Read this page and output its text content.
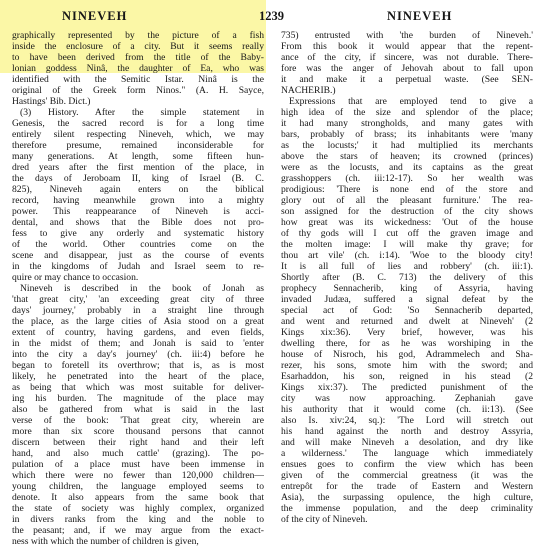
NINEVEH	1239	NINEVEH
graphically represented by the picture of a fish
inside the enclosure of a city. But it seems really
to have been derived from the title of the Baby-
lonian goddess Ninâ, the daughter of Ea, who was
identified with the Semitic Istar. Ninâ is the
original of the Greek form Ninos." (A. H. Sayce,
Hastings' Bib. Dict.)
(3) History. After the simple statement in
Genesis, the sacred record is for a long time
entirely silent respecting Nineveh, which, we may
therefore presume, remained inconsiderable for
many generations. At length, some fifteen hun-
dred years after the first mention of the place, in
the days of Jeroboam II, king of Israel (B. C.
825), Nineveh again enters on the biblical
record, having meanwhile grown into a mighty
power. This reappearance of Nineveh is acci-
dental, and shows that the Bible does not pro-
fess to give any orderly and systematic history
of the world. Other countries come on the
scene and disappear, just as the course of events
in the kingdoms of Judah and Israel seem to re-
quire or may chance to occasion.
Nineveh is described in the book of Jonah as
'that great city,' 'an exceeding great city of three
days' journey,' probably in a straight line through
the place, as the large cities of Asia stood on a great
extent of country, having gardens, and even fields,
in the midst of them; and Jonah is said to 'enter
into the city a day's journey' (ch. iii:4) before he
began to foretell its overthrow; that is, as is most
likely, he penetrated into the heart of the place,
as being that which was most suitable for deliver-
ing his burden. The magnitude of the place may
also be gathered from what is said in the last
verse of the book: 'That great city, wherein are
more than six score thousand persons that cannot
discern between their right hand and their left
hand, and also much cattle' (grazing). The po-
pulation of a place must have been immense in
which there were no fewer than 120,000 children—
young children, the language employed seems to
denote. It also appears from the same book that
the state of society was highly complex, organized
in divers ranks from the king and the noble to
the peasant; and, if we may argue from the exact-
ness with which the number of children is given,
735) entrusted with 'the burden of Nineveh.'
From this book it would appear that the repent-
ance of the city, if sincere, was not durable. There-
fore was the anger of Jehovah about to fall upon
it and make it a perpetual waste. (See SEN-
NACHERIB.)
Expressions that are employed tend to give a
high idea of the size and splendor of the place;
it had many strongholds, and many gates with
bars, probably of brass; its inhabitants were 'many
as the locusts;' it had multiplied its merchants
above the stars of heaven; its crowned (princes)
were as the locusts, and its captains as the great
grasshoppers (ch. iii:12-17). So her wealth was
prodigious: 'There is none end of the store and
glory out of all the pleasant furniture.' The rea-
son assigned for the destruction of the city shows
how great was its wickedness: 'Out of the house
of thy gods will I cut off the graven image and
the molten image: I will make thy grave; for
thou art vile' (ch. i:14). 'Woe to the bloody city!
It is all full of lies and robbery' (ch. iii:1).
Shortly after (B. C. 713) the delivery of this
prophecy Sennacherib, king of Assyria, having
invaded Judæa, suffered a signal defeat by the
special act of God: 'So Sennacherib departed,
and went and returned and dwelt at Nineveh' (2
Kings xix:36). Very brief, however, was his
dwelling there, for as he was worshiping in the
house of Nisroch, his god, Adrammelech and Sha-
rezer, his sons, smote him with the sword; and
Esarhaddon, his son, reigned in his stead (2
Kings xix:37). The predicted punishment of the
city was now approaching. Zephaniah gave
his authority that it would come (ch. ii:13). (See
also Is. xiv:24, sq.): 'The Lord will stretch out
his hand against the north and destroy Assyria,
and will make Nineveh a desolation, and dry like
a wilderness.' The language which immediately
ensues goes to confirm the view which has been
given of the commercial greatness (it was the
entrepôt for the trade of Eastern and Western
Asia), the surpassing opulence, the high culture,
the immense population, and the deep criminality
of the city of Nineveh.
